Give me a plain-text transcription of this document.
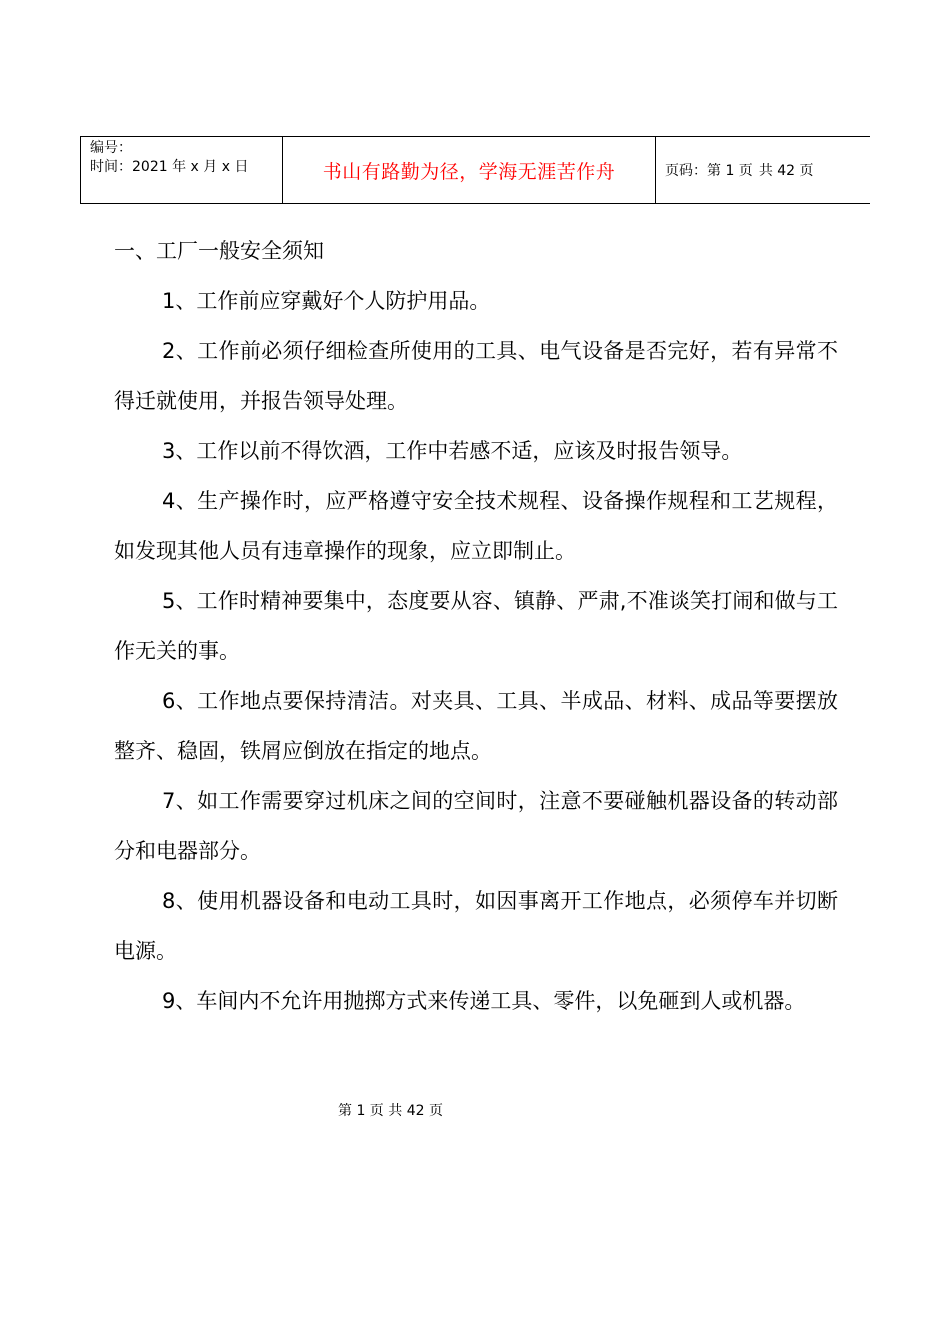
编号：
时间：2021 年 x 月 x 日	书山有路勤为径，学海无涯苦作舟	页码：第 1 页 共 42 页

一、工厂一般安全须知

1、工作前应穿戴好个人防护用品。

2、工作前必须仔细检查所使用的工具、电气设备是否完好，若有异常不得迁就使用，并报告领导处理。

3、工作以前不得饮酒，工作中若感不适，应该及时报告领导。

4、生产操作时，应严格遵守安全技术规程、设备操作规程和工艺规程，如发现其他人员有违章操作的现象，应立即制止。

5、工作时精神要集中，态度要从容、镇静、严肃,不准谈笑打闹和做与工作无关的事。

6、工作地点要保持清洁。对夹具、工具、半成品、材料、成品等要摆放整齐、稳固，铁屑应倒放在指定的地点。

7、如工作需要穿过机床之间的空间时，注意不要碰触机器设备的转动部分和电器部分。

8、使用机器设备和电动工具时，如因事离开工作地点，必须停车并切断电源。

9、车间内不允许用抛掷方式来传递工具、零件，以免砸到人或机器。

第 1 页 共 42 页
